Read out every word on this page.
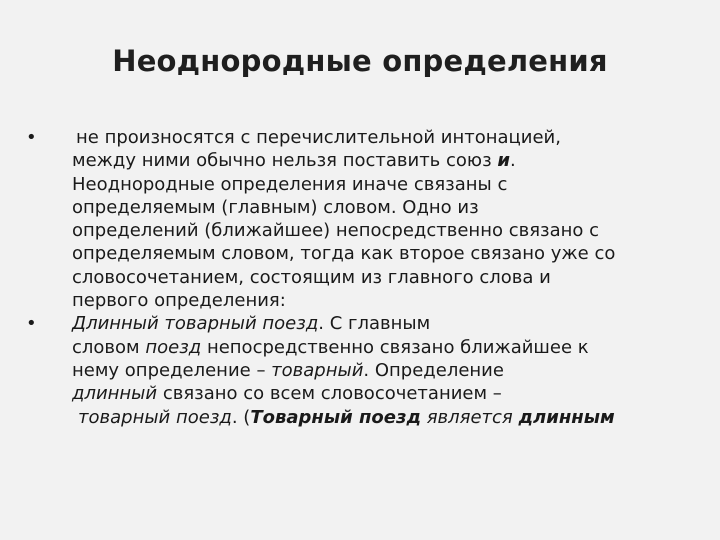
Неоднородные определения
• не произносятся с перечислительной интонацией,
между ними обычно нельзя поставить союз и.
Неоднородные определения иначе связаны с
определяемым (главным) словом. Одно из
определений (ближайшее) непосредственно связано с
определяемым словом, тогда как второе связано уже со
словосочетанием, состоящим из главного слова и
первого определения:
• Длинный товарный поезд. С главным
словом поезд непосредственно связано ближайшее к
нему определение – товарный. Определение
длинный связано со всем словосочетанием –
товарный поезд. (Товарный поезд является длинным
